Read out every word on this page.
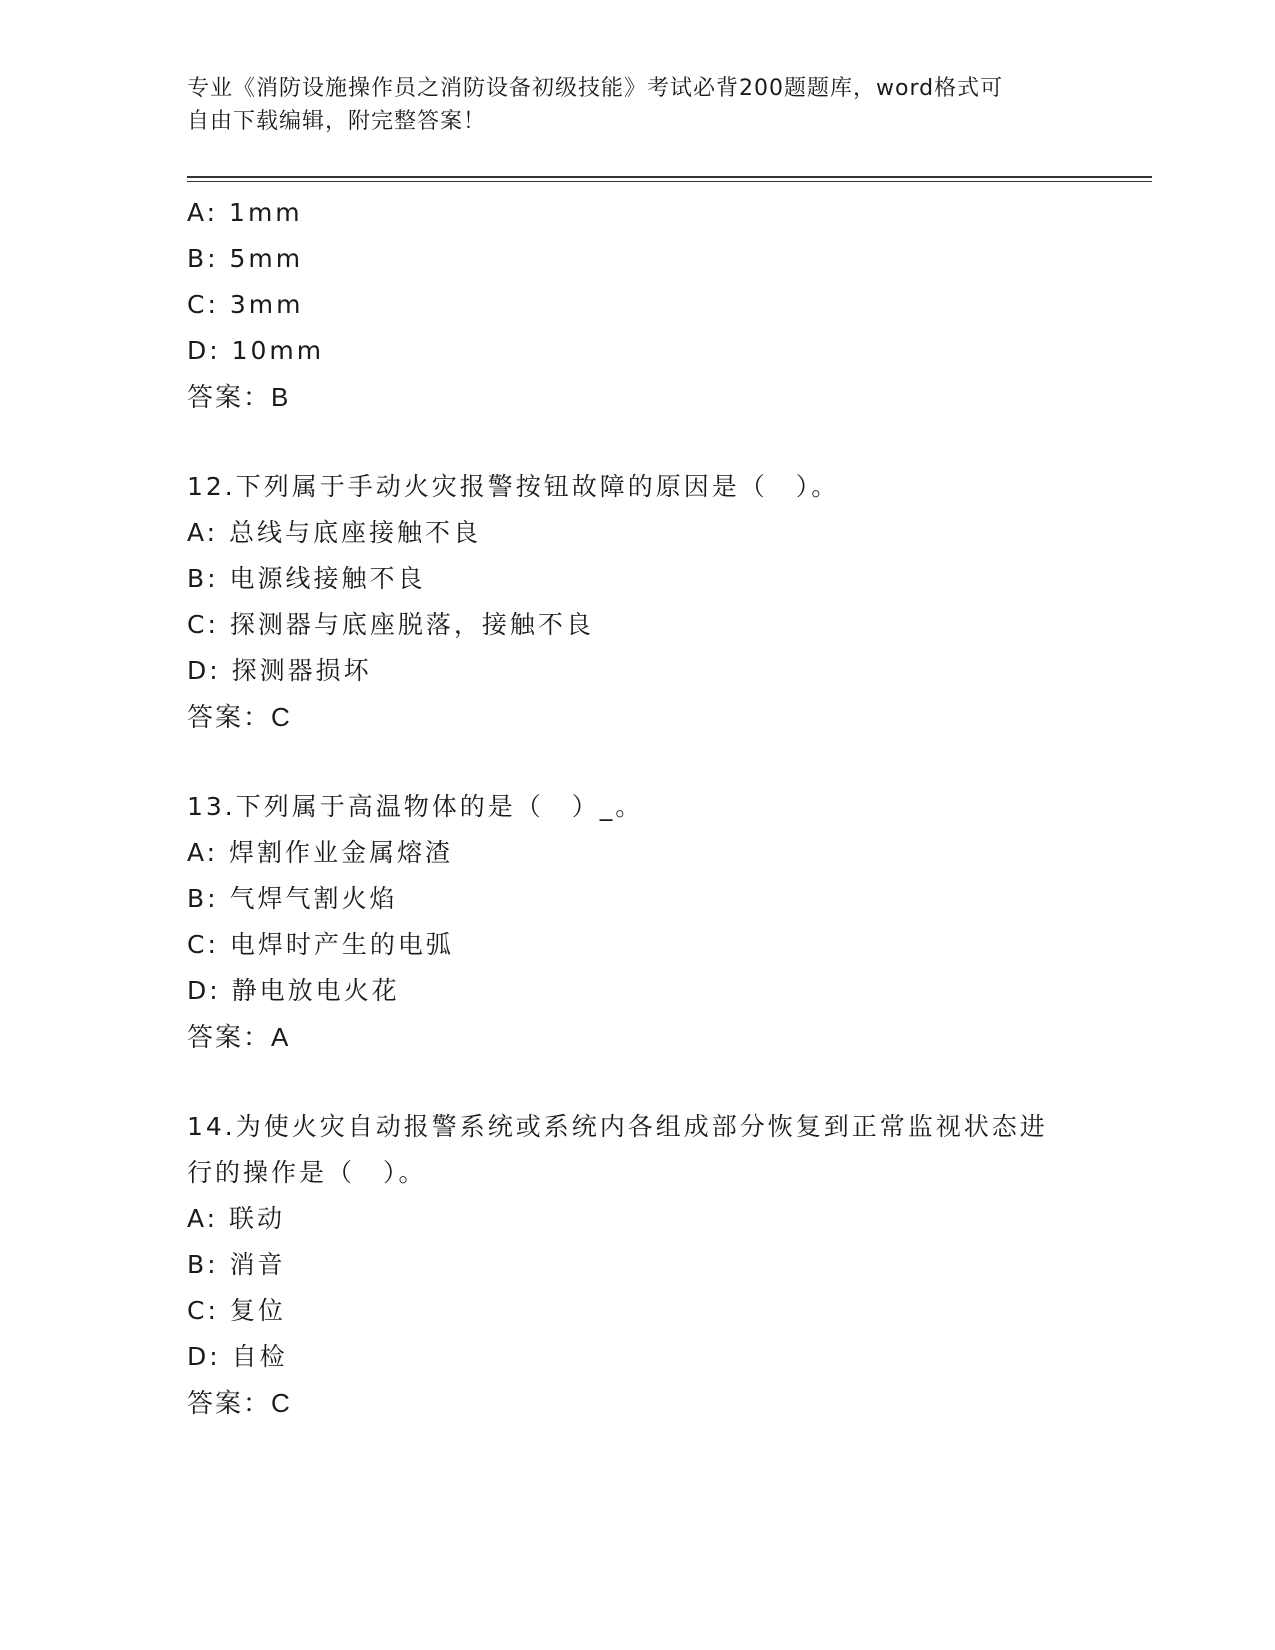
专业《消防设施操作员之消防设备初级技能》考试必背200题题库，word格式可
自由下载编辑，附完整答案！
A: 1mm
B: 5mm
C: 3mm
D: 10mm
答案：B
12.下列属于手动火灾报警按钮故障的原因是（　）。
A: 总线与底座接触不良
B: 电源线接触不良
C: 探测器与底座脱落，接触不良
D: 探测器损坏
答案：C
13.下列属于高温物体的是（　）_。
A: 焊割作业金属熔渣
B: 气焊气割火焰
C: 电焊时产生的电弧
D: 静电放电火花
答案：A
14.为使火灾自动报警系统或系统内各组成部分恢复到正常监视状态进
行的操作是（　）。
A: 联动
B: 消音
C: 复位
D: 自检
答案：C
